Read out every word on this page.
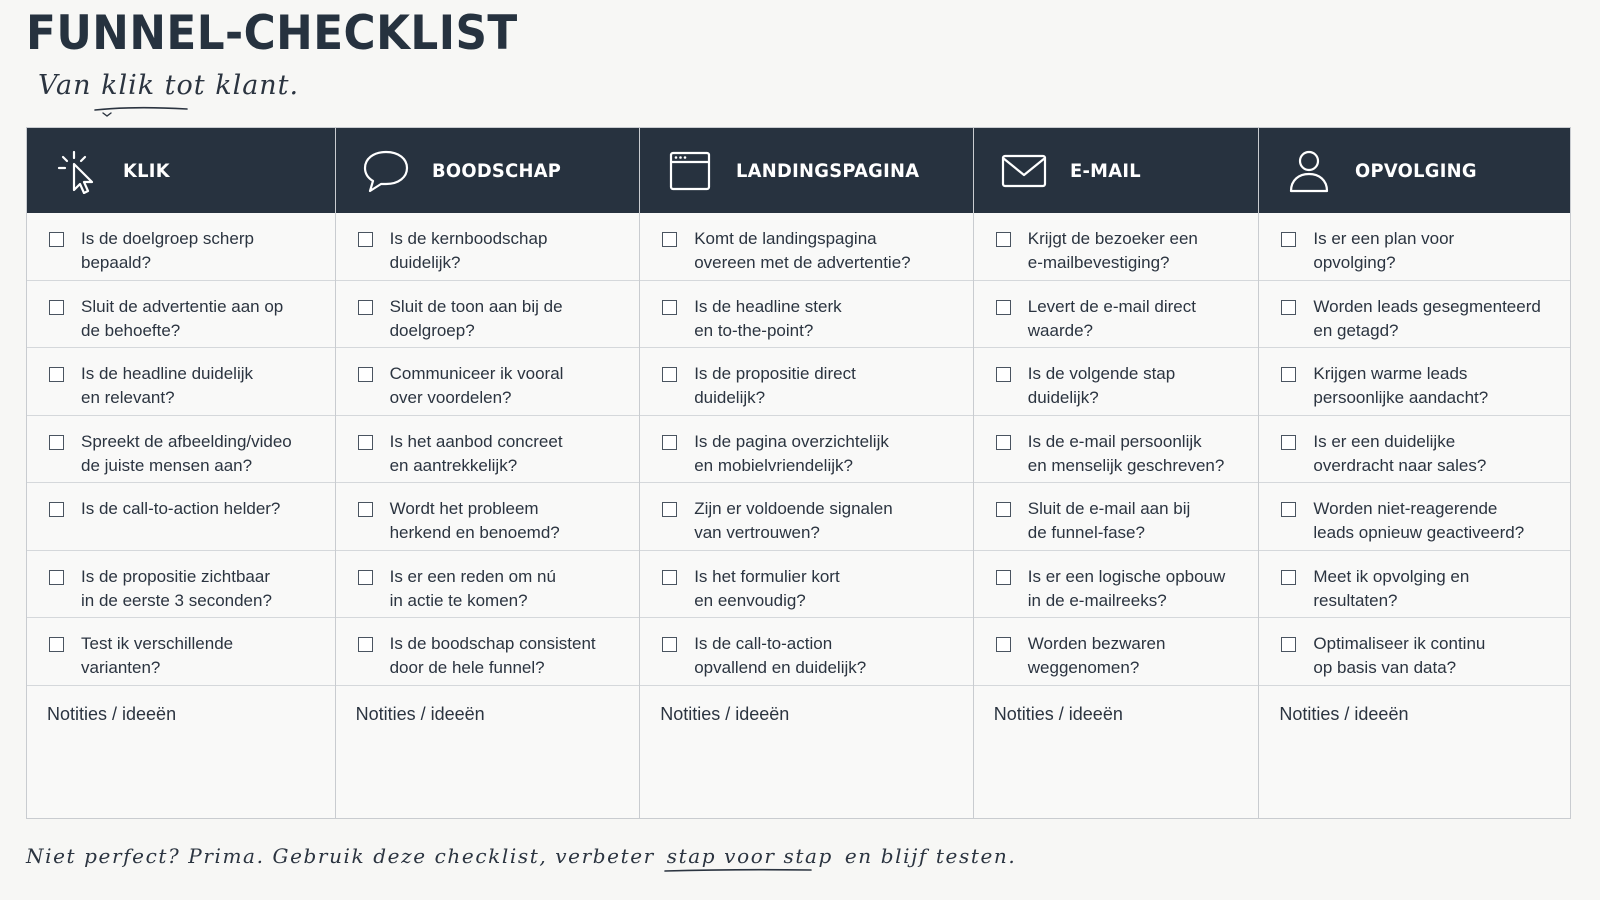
FUNNEL-CHECKLIST
Van klik tot klant.
KLIK
Is de doelgroep scherp
bepaald?
Sluit de advertentie aan op
de behoefte?
Is de headline duidelijk
en relevant?
Spreekt de afbeelding/video
de juiste mensen aan?
Is de call-to-action helder?

Is de propositie zichtbaar
in de eerste 3 seconden?
Test ik verschillende
varianten?
Notities / ideeën
BOODSCHAP
Is de kernboodschap
duidelijk?
Sluit de toon aan bij de
doelgroep?
Communiceer ik vooral
over voordelen?
Is het aanbod concreet
en aantrekkelijk?
Wordt het probleem
herkend en benoemd?
Is er een reden om nú
in actie te komen?
Is de boodschap consistent
door de hele funnel?
Notities / ideeën
LANDINGSPAGINA
Komt de landingspagina
overeen met de advertentie?
Is de headline sterk
en to-the-point?
Is de propositie direct
duidelijk?
Is de pagina overzichtelijk
en mobielvriendelijk?
Zijn er voldoende signalen
van vertrouwen?
Is het formulier kort
en eenvoudig?
Is de call-to-action
opvallend en duidelijk?
Notities / ideeën
E-MAIL
Krijgt de bezoeker een
e-mailbevestiging?
Levert de e-mail direct
waarde?
Is de volgende stap
duidelijk?
Is de e-mail persoonlijk
en menselijk geschreven?
Sluit de e-mail aan bij
de funnel-fase?
Is er een logische opbouw
in de e-mailreeks?
Worden bezwaren
weggenomen?
Notities / ideeën
OPVOLGING
Is er een plan voor
opvolging?
Worden leads gesegmenteerd
en getagd?
Krijgen warme leads
persoonlijke aandacht?
Is er een duidelijke
overdracht naar sales?
Worden niet-reagerende
leads opnieuw geactiveerd?
Meet ik opvolging en
resultaten?
Optimaliseer ik continu
op basis van data?
Notities / ideeën
Niet perfect? Prima. Gebruik deze checklist, verbeter stap voor stap
en blijf testen.
